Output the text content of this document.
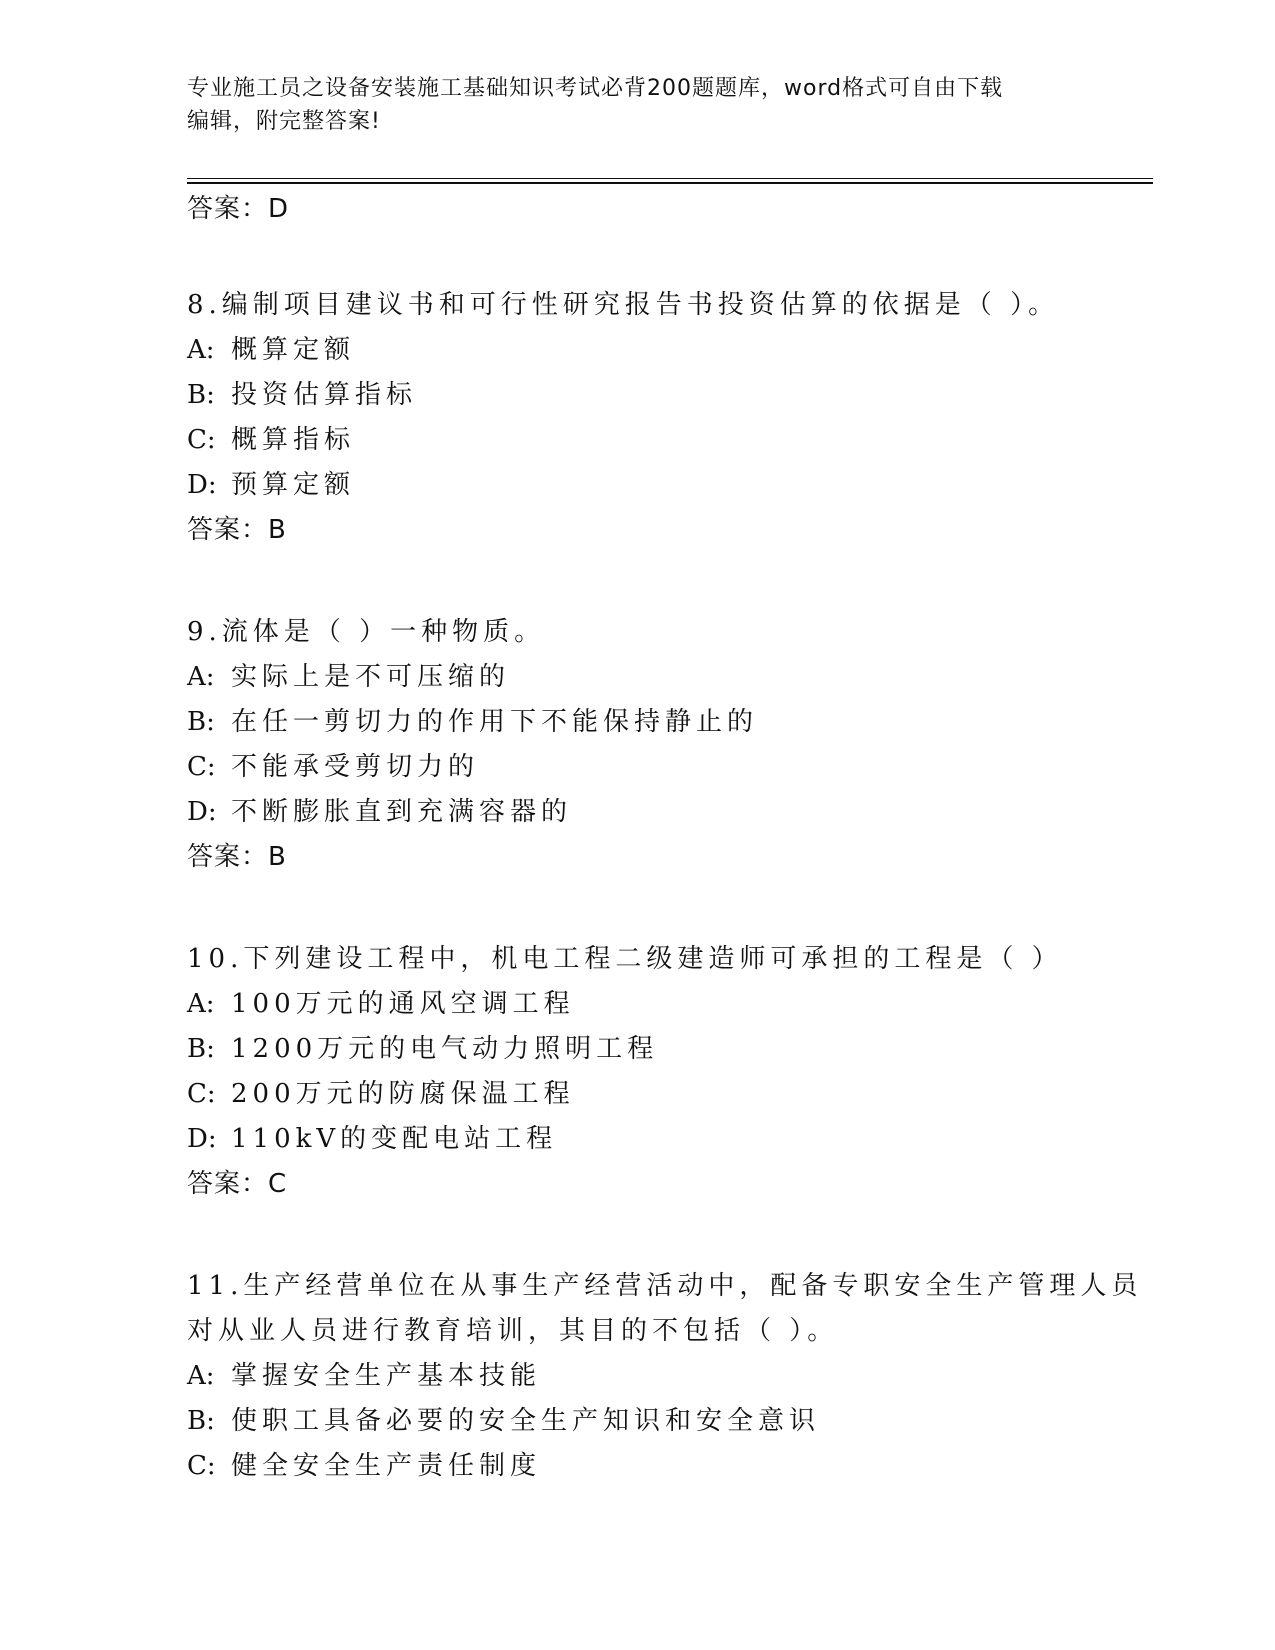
专业施工员之设备安装施工基础知识考试必背200题题库，word格式可自由下载
编辑，附完整答案!
答案：D
8.编制项目建议书和可行性研究报告书投资估算的依据是（ ）。
A: 概算定额
B: 投资估算指标
C: 概算指标
D: 预算定额
答案：B
9.流体是（ ）一种物质。
A: 实际上是不可压缩的
B: 在任一剪切力的作用下不能保持静止的
C: 不能承受剪切力的
D: 不断膨胀直到充满容器的
答案：B
10.下列建设工程中，机电工程二级建造师可承担的工程是（ ）
A: 100万元的通风空调工程
B: 1200万元的电气动力照明工程
C: 200万元的防腐保温工程
D: 110kV的变配电站工程
答案：C
11.生产经营单位在从事生产经营活动中，配备专职安全生产管理人员对从业人员进行教育培训，其目的不包括（ ）。
A: 掌握安全生产基本技能
B: 使职工具备必要的安全生产知识和安全意识
C: 健全安全生产责任制度
